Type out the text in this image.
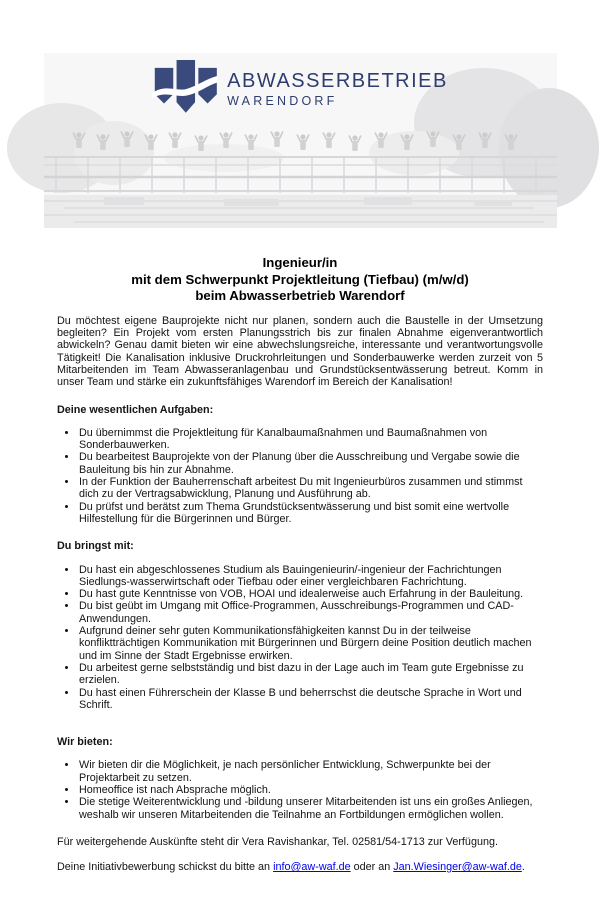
ABWASSERBETRIEB
WARENDORF
Ingenieur/in
mit dem Schwerpunkt Projektleitung (Tiefbau) (m/w/d)
beim Abwasserbetrieb Warendorf

Du möchtest eigene Bauprojekte nicht nur planen, sondern auch die Baustelle in der Umsetzung begleiten? Ein Projekt vom ersten Planungsstrich bis zur finalen Abnahme eigenverantwortlich abwickeln? Genau damit bieten wir eine abwechslungsreiche, interessante und verantwortungsvolle Tätigkeit! Die Kanalisation inklusive Druckrohrleitungen und Sonderbauwerke werden zurzeit von 5 Mitarbeitenden im Team Abwasseranlagenbau und Grundstücksentwässerung betreut. Komm in unser Team und stärke ein zukunftsfähiges Warendorf im Bereich der Kanalisation!

Deine wesentlichen Aufgaben:

• Du übernimmst die Projektleitung für Kanalbaumaßnahmen und Baumaßnahmen von Sonderbauwerken.
• Du bearbeitest Bauprojekte von der Planung über die Ausschreibung und Vergabe sowie die Bauleitung bis hin zur Abnahme.
• In der Funktion der Bauherrenschaft arbeitest Du mit Ingenieurbüros zusammen und stimmst dich zu der Vertragsabwicklung, Planung und Ausführung ab.
• Du prüfst und berätst zum Thema Grundstücksentwässerung und bist somit eine wertvolle Hilfestellung für die Bürgerinnen und Bürger.

Du bringst mit:

• Du hast ein abgeschlossenes Studium als Bauingenieurin/-ingenieur der Fachrichtungen Siedlungs-wasserwirtschaft oder Tiefbau oder einer vergleichbaren Fachrichtung.
• Du hast gute Kenntnisse von VOB, HOAI und idealerweise auch Erfahrung in der Bauleitung.
• Du bist geübt im Umgang mit Office-Programmen, Ausschreibungs-Programmen und CAD-Anwendungen.
• Aufgrund deiner sehr guten Kommunikationsfähigkeiten kannst Du in der teilweise konfliktträchtigen Kommunikation mit Bürgerinnen und Bürgern deine Position deutlich machen und im Sinne der Stadt Ergebnisse erwirken.
• Du arbeitest gerne selbstständig und bist dazu in der Lage auch im Team gute Ergebnisse zu erzielen.
• Du hast einen Führerschein der Klasse B und beherrschst die deutsche Sprache in Wort und Schrift.

Wir bieten:

• Wir bieten dir die Möglichkeit, je nach persönlicher Entwicklung, Schwerpunkte bei der Projektarbeit zu setzen.
• Homeoffice ist nach Absprache möglich.
• Die stetige Weiterentwicklung und -bildung unserer Mitarbeitenden ist uns ein großes Anliegen, weshalb wir unseren Mitarbeitenden die Teilnahme an Fortbildungen ermöglichen wollen.

Für weitergehende Auskünfte steht dir Vera Ravishankar, Tel. 02581/54-1713 zur Verfügung.

Deine Initiativbewerbung schickst du bitte an info@aw-waf.de oder an Jan.Wiesinger@aw-waf.de.
